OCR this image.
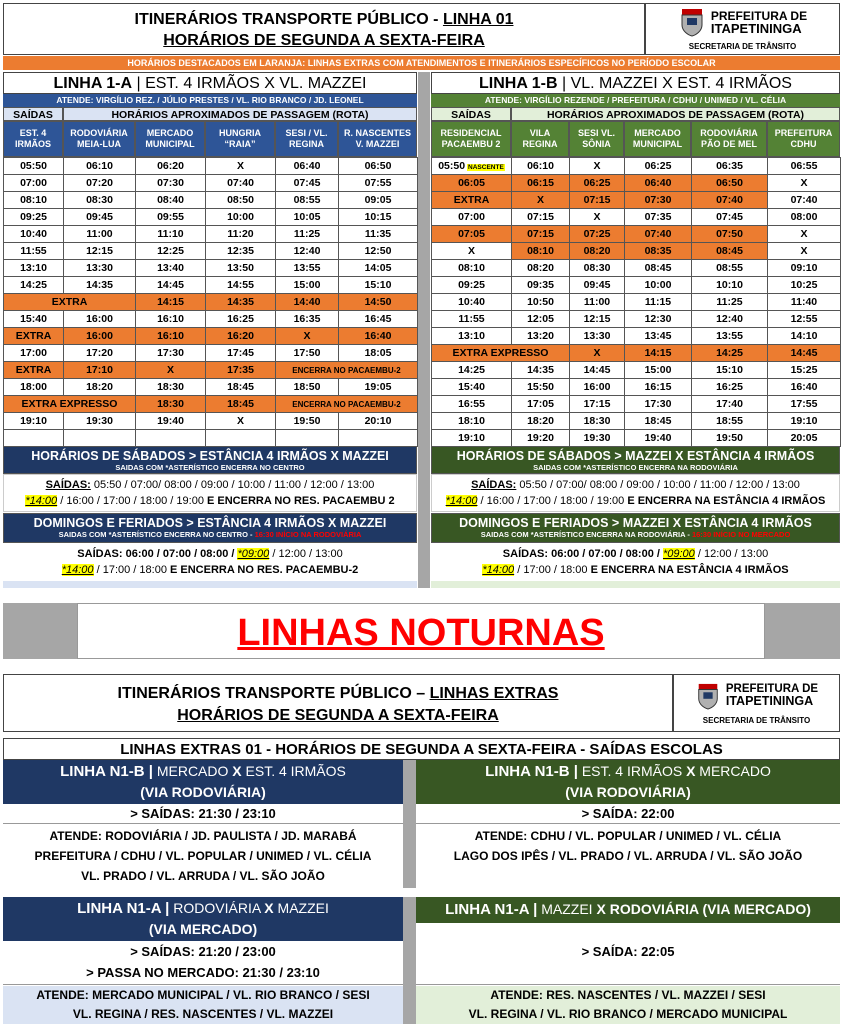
ITINERÁRIOS TRANSPORTE PÚBLICO - LINHA 01
HORÁRIOS DE SEGUNDA A SEXTA-FEIRA
PREFEITURA DE
ITAPETININGA
SECRETARIA DE TRÂNSITO
HORÁRIOS DESTACADOS EM LARANJA: LINHAS EXTRAS COM ATENDIMENTOS E ITINERÁRIOS ESPECÍFICOS NO PERÍODO ESCOLAR
LINHA 1-A | EST. 4 IRMÃOS X VL. MAZZEI
ATENDE: VIRGÍLIO REZ. / JÚLIO PRESTES / VL. RIO BRANCO / JD. LEONEL
SAÍDAS	HORÁRIOS APROXIMADOS DE PASSAGEM (ROTA)
EST. 4 IRMÃOS
RODOVIÁRIA MEIA-LUA
MERCADO MUNICIPAL
HUNGRIA “RAIA”
SESI / VL. REGINA
R. NASCENTES V. MAZZEI
05:50	06:10	06:20	X	06:40	06:50
07:00	07:20	07:30	07:40	07:45	07:55
08:10	08:30	08:40	08:50	08:55	09:05
09:25	09:45	09:55	10:00	10:05	10:15
10:40	11:00	11:10	11:20	11:25	11:35
11:55	12:15	12:25	12:35	12:40	12:50
13:10	13:30	13:40	13:50	13:55	14:05
14:25	14:35	14:45	14:55	15:00	15:10
EXTRA		14:15	14:35	14:40	14:50
15:40	16:00	16:10	16:25	16:35	16:45
EXTRA	16:00	16:10	16:20	X	16:40
17:00	17:20	17:30	17:45	17:50	18:05
EXTRA	17:10	X	17:35	ENCERRA NO PACAEMBU-2	
18:00	18:20	18:30	18:45	18:50	19:05
EXTRA EXPRESSO		18:30	18:45	ENCERRA NO PACAEMBU-2	
19:10	19:30	19:40	X	19:50	20:10

LINHA 1-B | VL. MAZZEI X EST. 4 IRMÃOS
ATENDE: VIRGÍLIO REZENDE / PREFEITURA / CDHU / UNIMED / VL. CÉLIA
SAÍDAS	HORÁRIOS APROXIMADOS DE PASSAGEM (ROTA)
RESIDENCIAL PACAEMBU 2
VILA REGINA
SESI VL. SÔNIA
MERCADO MUNICIPAL
RODOVIÁRIA PÃO DE MEL
PREFEITURA CDHU
05:50 NASCENTE	06:10	X	06:25	06:35	06:55
06:05	06:15	06:25	06:40	06:50	X
EXTRA	X	07:15	07:30	07:40	07:40
07:00	07:15	X	07:35	07:45	08:00
07:05	07:15	07:25	07:40	07:50	X
X	08:10	08:20	08:35	08:45	X
08:10	08:20	08:30	08:45	08:55	09:10
09:25	09:35	09:45	10:00	10:10	10:25
10:40	10:50	11:00	11:15	11:25	11:40
11:55	12:05	12:15	12:30	12:40	12:55
13:10	13:20	13:30	13:45	13:55	14:10
EXTRA EXPRESSO		X	14:15	14:25	14:45
14:25	14:35	14:45	15:00	15:10	15:25
15:40	15:50	16:00	16:15	16:25	16:40
16:55	17:05	17:15	17:30	17:40	17:55
18:10	18:20	18:30	18:45	18:55	19:10
19:10	19:20	19:30	19:40	19:50	20:05
HORÁRIOS DE SÁBADOS > ESTÂNCIA 4 IRMÃOS X MAZZEI
SAIDAS COM *ASTERÍSTICO ENCERRA NO CENTRO
SAÍDAS: 05:50 / 07:00/ 08:00 / 09:00 / 10:00 / 11:00 / 12:00 / 13:00
*14:00 / 16:00 / 17:00 / 18:00 / 19:00 E ENCERRA NO RES. PACAEMBU 2
DOMINGOS E FERIADOS > ESTÂNCIA 4 IRMÃOS X MAZZEI
SAIDAS COM *ASTERÍSTICO ENCERRA NO CENTRO - 16:30 INÍCIO NA RODOVIÁRIA
SAÍDAS: 06:00 / 07:00 / 08:00 / *09:00 / 12:00 / 13:00
*14:00 / 17:00 / 18:00 E ENCERRA NO RES. PACAEMBU-2
HORÁRIOS DE SÁBADOS > MAZZEI X ESTÂNCIA 4 IRMÃOS
SAIDAS COM *ASTERÍSTICO ENCERRA NA RODOVIÁRIA
SAÍDAS: 05:50 / 07:00/ 08:00 / 09:00 / 10:00 / 11:00 / 12:00 / 13:00
*14:00 / 16:00 / 17:00 / 18:00 / 19:00 E ENCERRA NA ESTÂNCIA 4 IRMÃOS
DOMINGOS E FERIADOS > MAZZEI X ESTÂNCIA 4 IRMÃOS
SAIDAS COM *ASTERÍSTICO ENCERRA NA RODOVIÁRIA - 16:30 INÍCIO NO MERCADO
SAÍDAS: 06:00 / 07:00 / 08:00 / *09:00 / 12:00 / 13:00
*14:00 / 17:00 / 18:00 E ENCERRA NA ESTÂNCIA 4 IRMÃOS
LINHAS NOTURNAS
ITINERÁRIOS TRANSPORTE PÚBLICO – LINHAS EXTRAS
HORÁRIOS DE SEGUNDA A SEXTA-FEIRA
PREFEITURA DE
ITAPETININGA
SECRETARIA DE TRÂNSITO
LINHAS EXTRAS 01 - HORÁRIOS DE SEGUNDA A SEXTA-FEIRA - SAÍDAS ESCOLAS
LINHA N1-B | MERCADO X EST. 4 IRMÃOS
(VIA RODOVIÁRIA)
> SAÍDAS: 21:30 / 23:10
ATENDE: RODOVIÁRIA / JD. PAULISTA / JD. MARABÁ
PREFEITURA / CDHU / VL. POPULAR / UNIMED / VL. CÉLIA
VL. PRADO / VL. ARRUDA / VL. SÃO JOÃO
LINHA N1-B | EST. 4 IRMÃOS X MERCADO
(VIA RODOVIÁRIA)
> SAÍDA: 22:00
ATENDE: CDHU / VL. POPULAR / UNIMED / VL. CÉLIA
LAGO DOS IPÊS / VL. PRADO / VL. ARRUDA / VL. SÃO JOÃO
LINHA N1-A | RODOVIÁRIA X MAZZEI
(VIA MERCADO)
> SAÍDAS: 21:20 / 23:00
> PASSA NO MERCADO: 21:30 / 23:10
ATENDE: MERCADO MUNICIPAL / VL. RIO BRANCO / SESI
VL. REGINA / RES. NASCENTES / VL. MAZZEI
LINHA N1-A | MAZZEI X RODOVIÁRIA (VIA MERCADO)
> SAÍDA: 22:05
ATENDE: RES. NASCENTES / VL. MAZZEI / SESI
VL. REGINA / VL. RIO BRANCO / MERCADO MUNICIPAL
